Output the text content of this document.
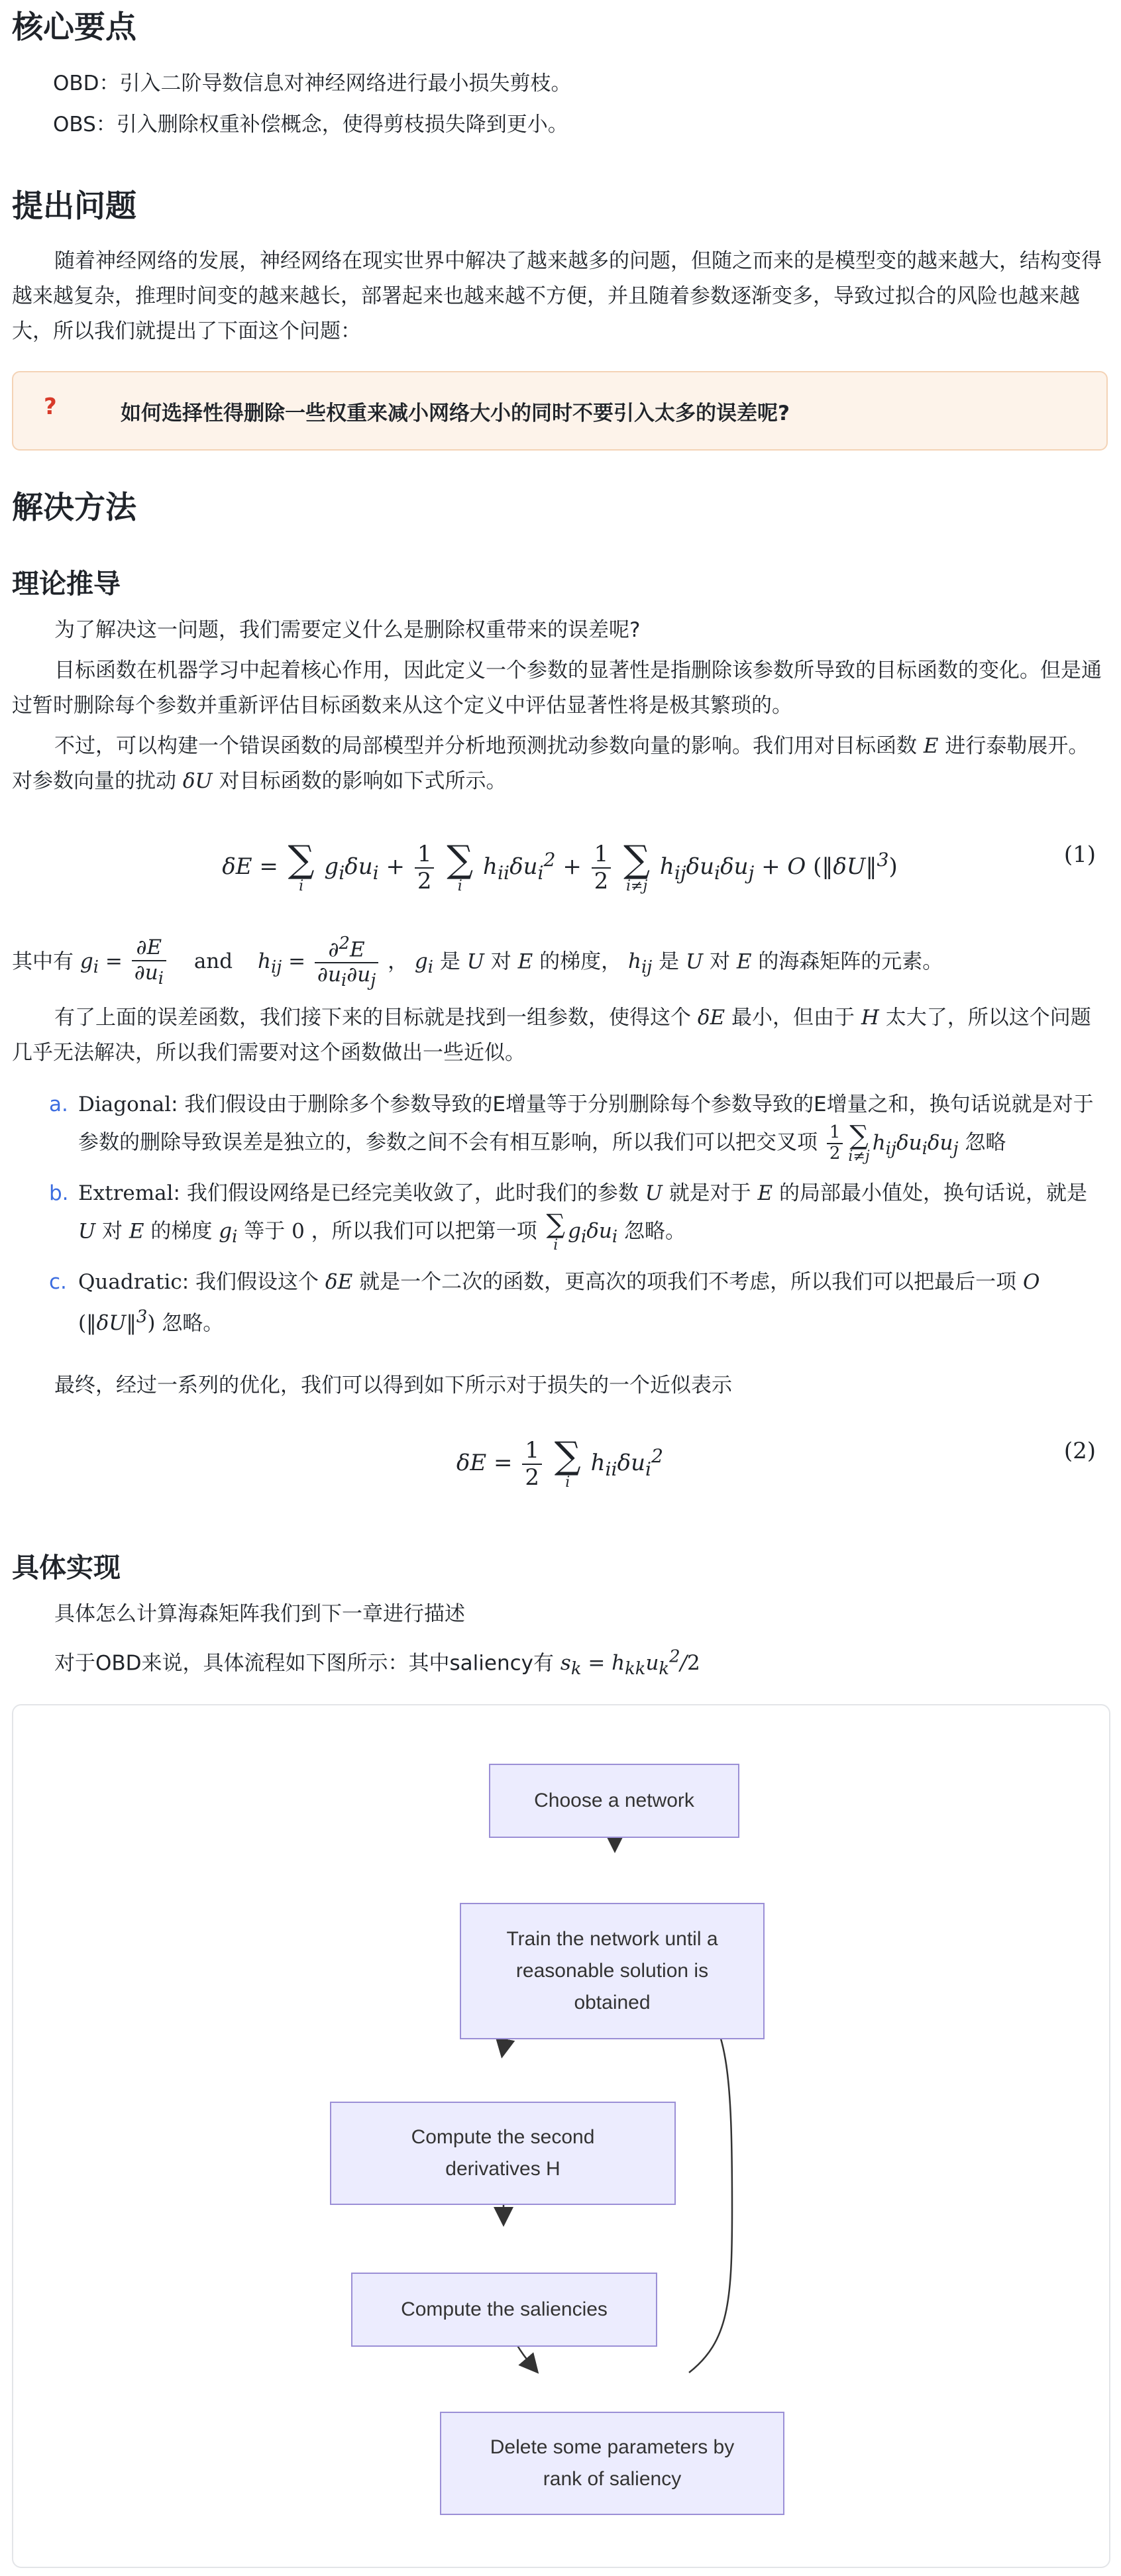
核心要点

OBD：引入二阶导数信息对神经网络进行最小损失剪枝。

OBS：引入删除权重补偿概念，使得剪枝损失降到更小。

提出问题

随着神经网络的发展，神经网络在现实世界中解决了越来越多的问题，但随之而来的是模型变的越来越大，结构变得越来越复杂，推理时间变的越来越长，部署起来也越来越不方便，并且随着参数逐渐变多，导致过拟合的风险也越来越大，所以我们就提出了下面这个问题：

?	如何选择性得删除一些权重来减小网络大小的同时不要引入太多的误差呢?
解决方法
理论推导

为了解决这一问题，我们需要定义什么是删除权重带来的误差呢?

目标函数在机器学习中起着核心作用，因此定义一个参数的显著性是指删除该参数所导致的目标函数的变化。但是通过暂时删除每个参数并重新评估目标函数来从这个定义中评估显著性将是极其繁琐的。

不过，可以构建一个错误函数的局部模型并分析地预测扰动参数向量的影响。我们用对目标函数 E 进行泰勒展开。对参数向量的扰动 δU 对目标函数的影响如下式所示。

δE = ∑
i
$g_i\delta u_i + \frac{1}{2}$
∑
i
$h_{ii}\delta u_i^2 + \frac{1}{2}$
∑
i≠j
$h_{ij}\delta u_i\delta u_j + O$ (‖δU‖$^3$)	(1)
其中有 $g_i = \frac{\partial E}{\partial u_i}$ and $h_{ij} = \frac{\partial^2E}{\partial u_i\partial u_j}$ ， $g_i$ 是 U 对 E 的梯度， $h_{ij}$ 是 U 对 E 的海森矩阵的元素。

有了上面的误差函数，我们接下来的目标就是找到一组参数，使得这个 δE 最小，但由于 H 太大了，所以这个问题几乎无法解决，所以我们需要对这个函数做出一些近似。

a. Diagonal: 我们假设由于删除多个参数导致的E增量等于分别删除每个参数导致的E增量之和，换句话说就是对于参数的删除导致误差是独立的，参数之间不会有相互影响，所以我们可以把交叉项 $\frac{1}{2}$ ∑
i≠j
$h_{ij}\delta u_i\delta u_j$ 忽略
b. Extremal: 我们假设网络是已经完美收敛了，此时我们的参数 U 就是对于 E 的局部最小值处，换句话说，就是 U 对 E 的梯度 $g_i$ 等于 0 ，所以我们可以把第一项 ∑
i
$g_i\delta u_i$ 忽略。
c. Quadratic: 我们假设这个 δE 就是一个二次的函数，更高次的项我们不考虑，所以我们可以把最后一项 O (‖δU‖$^3$) 忽略。

最终，经过一系列的优化，我们可以得到如下所示对于损失的一个近似表示

$\delta E = \frac{1}{2}$
∑
i
$h_{ii}\delta u_i^2$	(2)
具体实现

具体怎么计算海森矩阵我们到下一章进行描述

对于OBD来说，具体流程如下图所示：其中saliency有 $s_k = h_{kk}u_k^2/2$

Choose a network
Train the network until a reasonable solution is obtained
Compute the second derivatives H
Compute the saliencies
Delete some parameters by rank of saliency
